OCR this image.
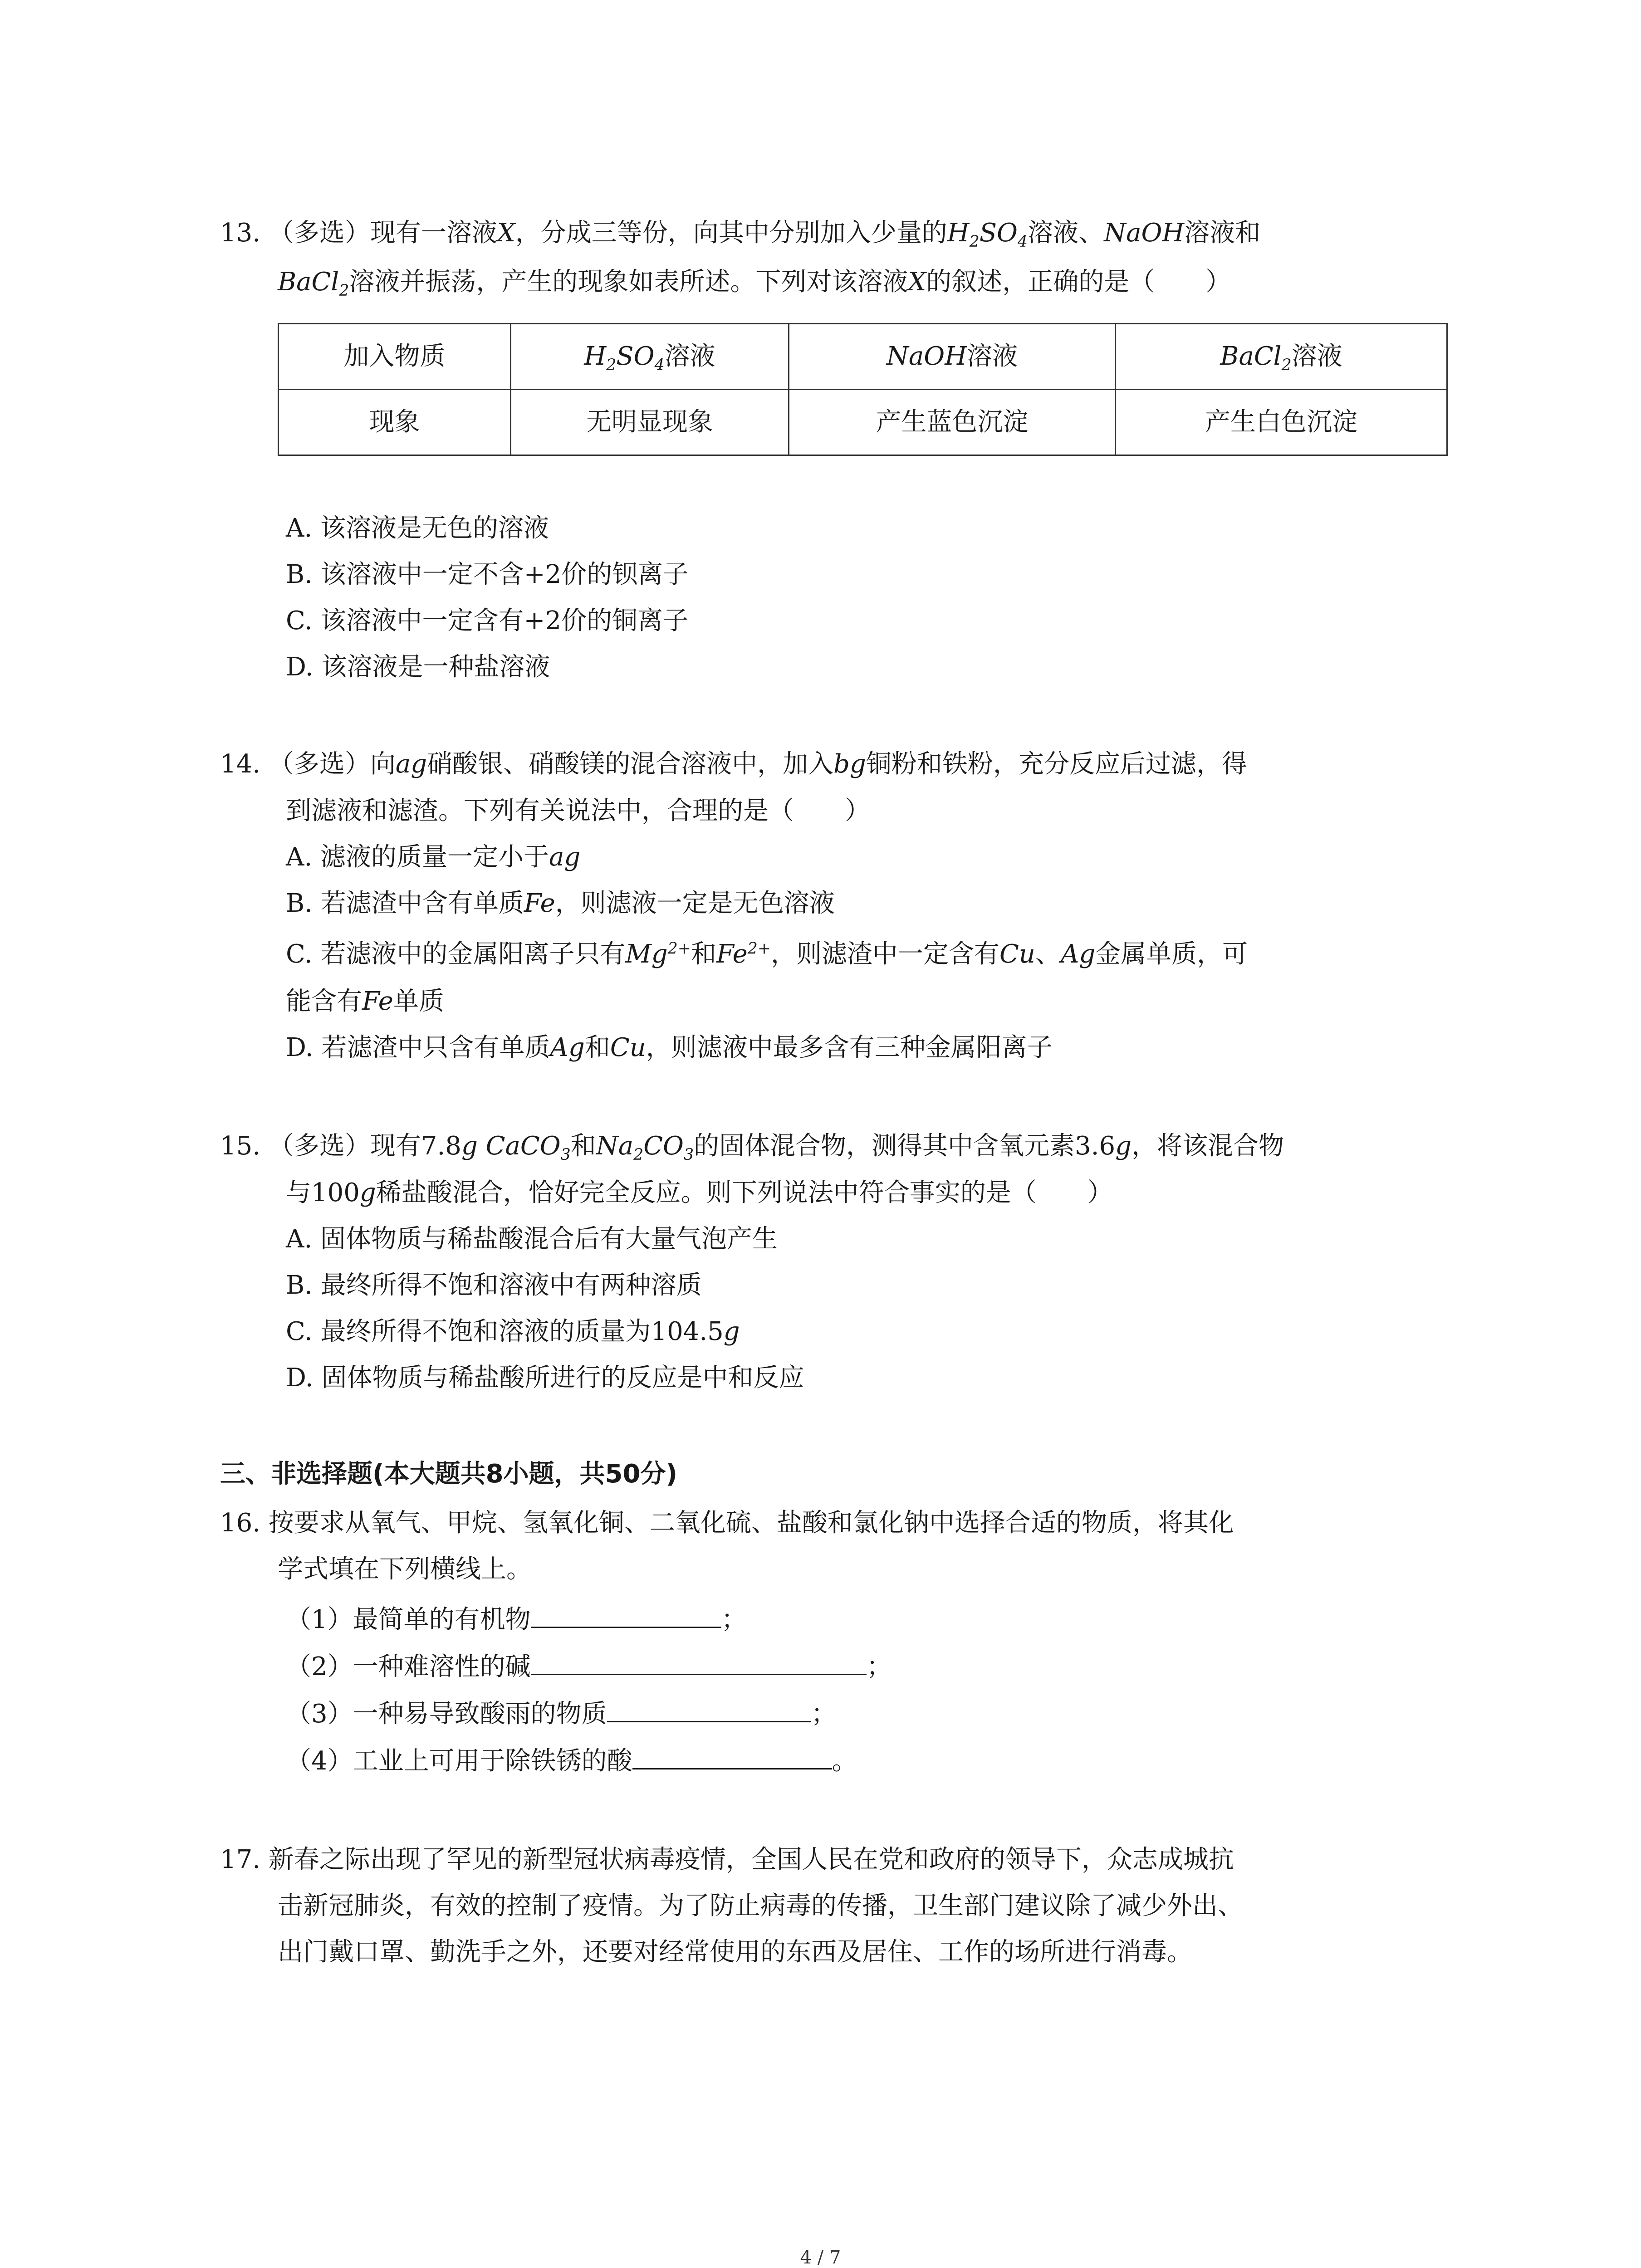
13. （多选）现有一溶液X，分成三等份，向其中分别加入少量的$H_2SO_4$溶液、NaOH溶液和
BaCl$_2$溶液并振荡，产生的现象如表所述。下列对该溶液X的叙述，正确的是（　　）
加入物质	$H_2SO_4$溶液	NaOH溶液	BaCl$_2$溶液
现象	无明显现象	产生蓝色沉淀	产生白色沉淀
A. 该溶液是无色的溶液
B. 该溶液中一定不含+2价的钡离子
C. 该溶液中一定含有+2价的铜离子
D. 该溶液是一种盐溶液
14. （多选）向ag硝酸银、硝酸镁的混合溶液中，加入bg铜粉和铁粉，充分反应后过滤，得
到滤液和滤渣。下列有关说法中，合理的是（　　）
A. 滤液的质量一定小于ag
B. 若滤渣中含有单质Fe，则滤液一定是无色溶液
C. 若滤液中的金属阳离子只有$Mg^{2+}$和$Fe^{2+}$，则滤渣中一定含有Cu、Ag金属单质，可
能含有Fe单质
D. 若滤渣中只含有单质Ag和Cu，则滤液中最多含有三种金属阳离子
15. （多选）现有7.8g CaCO$_3$和$Na_2CO_3$的固体混合物，测得其中含氧元素3.6g，将该混合物
与100g稀盐酸混合，恰好完全反应。则下列说法中符合事实的是（　　）
A. 固体物质与稀盐酸混合后有大量气泡产生
B. 最终所得不饱和溶液中有两种溶质
C. 最终所得不饱和溶液的质量为104.5g
D. 固体物质与稀盐酸所进行的反应是中和反应
三、非选择题(本大题共8小题，共50分)
16. 按要求从氧气、甲烷、氢氧化铜、二氧化硫、盐酸和氯化钠中选择合适的物质，将其化
学式填在下列横线上。
（1）最简单的有机物	；
（2）一种难溶性的碱	；
（3）一种易导致酸雨的物质	；
（4）工业上可用于除铁锈的酸	。
17. 新春之际出现了罕见的新型冠状病毒疫情，全国人民在党和政府的领导下，众志成城抗
击新冠肺炎，有效的控制了疫情。为了防止病毒的传播，卫生部门建议除了减少外出、
出门戴口罩、勤洗手之外，还要对经常使用的东西及居住、工作的场所进行消毒。
4 / 7
